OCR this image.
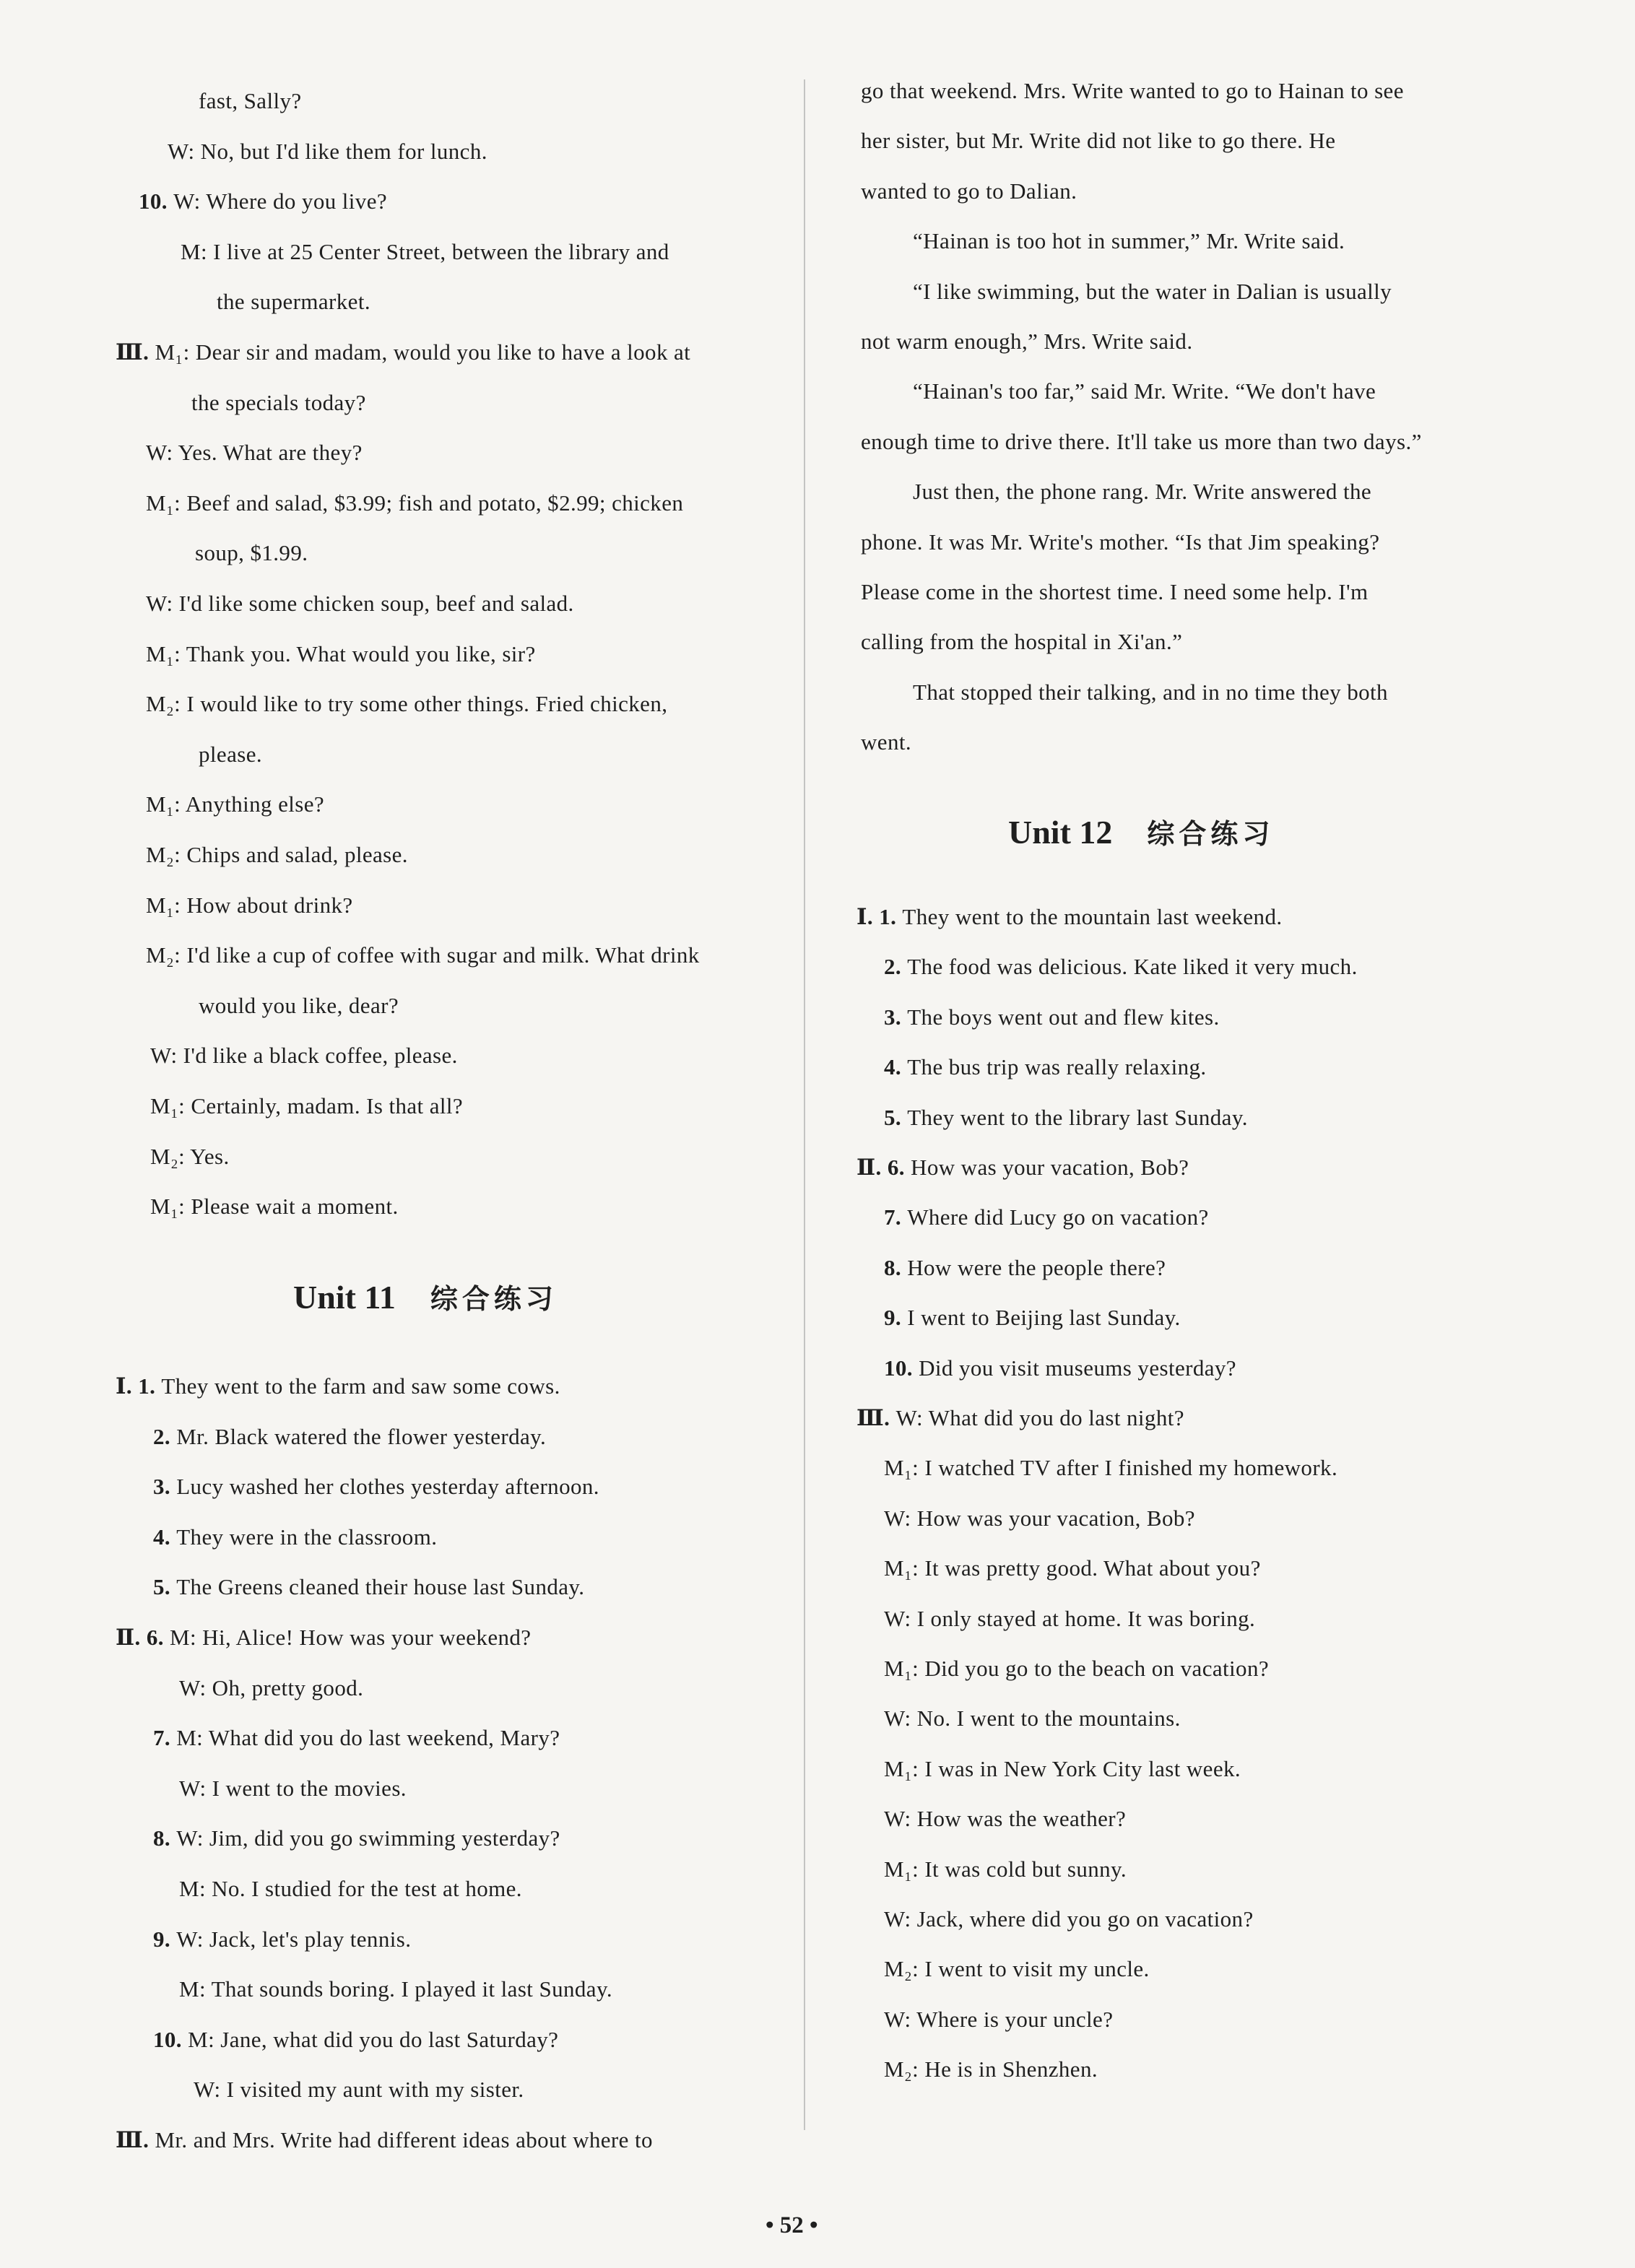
fast, Sally?
W: No, but I'd like them for lunch.
10. W: Where do you live?
M: I live at 25 Center Street, between the library and
the supermarket.
Ⅲ. M₁: Dear sir and madam, would you like to have a look at
the specials today?
W: Yes. What are they?
M₁: Beef and salad, $3.99; fish and potato, $2.99; chicken
soup, $1.99.
W: I'd like some chicken soup, beef and salad.
M₁: Thank you. What would you like, sir?
M₂: I would like to try some other things. Fried chicken,
please.
M₁: Anything else?
M₂: Chips and salad, please.
M₁: How about drink?
M₂: I'd like a cup of coffee with sugar and milk. What drink
would you like, dear?
W: I'd like a black coffee, please.
M₁: Certainly, madam. Is that all?
M₂: Yes.
M₁: Please wait a moment.
Unit 11 综合练习
Ⅰ. 1. They went to the farm and saw some cows.
2. Mr. Black watered the flower yesterday.
3. Lucy washed her clothes yesterday afternoon.
4. They were in the classroom.
5. The Greens cleaned their house last Sunday.
Ⅱ. 6. M: Hi, Alice! How was your weekend?
W: Oh, pretty good.
7. M: What did you do last weekend, Mary?
W: I went to the movies.
8. W: Jim, did you go swimming yesterday?
M: No. I studied for the test at home.
9. W: Jack, let's play tennis.
M: That sounds boring. I played it last Sunday.
10. M: Jane, what did you do last Saturday?
W: I visited my aunt with my sister.
Ⅲ. Mr. and Mrs. Write had different ideas about where to
go that weekend. Mrs. Write wanted to go to Hainan to see
her sister, but Mr. Write did not like to go there. He
wanted to go to Dalian.
“Hainan is too hot in summer,” Mr. Write said.
“I like swimming, but the water in Dalian is usually
not warm enough,” Mrs. Write said.
“Hainan's too far,” said Mr. Write. “We don't have
enough time to drive there. It'll take us more than two days.”
Just then, the phone rang. Mr. Write answered the
phone. It was Mr. Write's mother. “Is that Jim speaking?
Please come in the shortest time. I need some help. I'm
calling from the hospital in Xi'an.”
That stopped their talking, and in no time they both
went.
Unit 12 综合练习
Ⅰ. 1. They went to the mountain last weekend.
2. The food was delicious. Kate liked it very much.
3. The boys went out and flew kites.
4. The bus trip was really relaxing.
5. They went to the library last Sunday.
Ⅱ. 6. How was your vacation, Bob?
7. Where did Lucy go on vacation?
8. How were the people there?
9. I went to Beijing last Sunday.
10. Did you visit museums yesterday?
Ⅲ. W: What did you do last night?
M₁: I watched TV after I finished my homework.
W: How was your vacation, Bob?
M₁: It was pretty good. What about you?
W: I only stayed at home. It was boring.
M₁: Did you go to the beach on vacation?
W: No. I went to the mountains.
M₁: I was in New York City last week.
W: How was the weather?
M₁: It was cold but sunny.
W: Jack, where did you go on vacation?
M₂: I went to visit my uncle.
W: Where is your uncle?
M₂: He is in Shenzhen.
• 52 •
